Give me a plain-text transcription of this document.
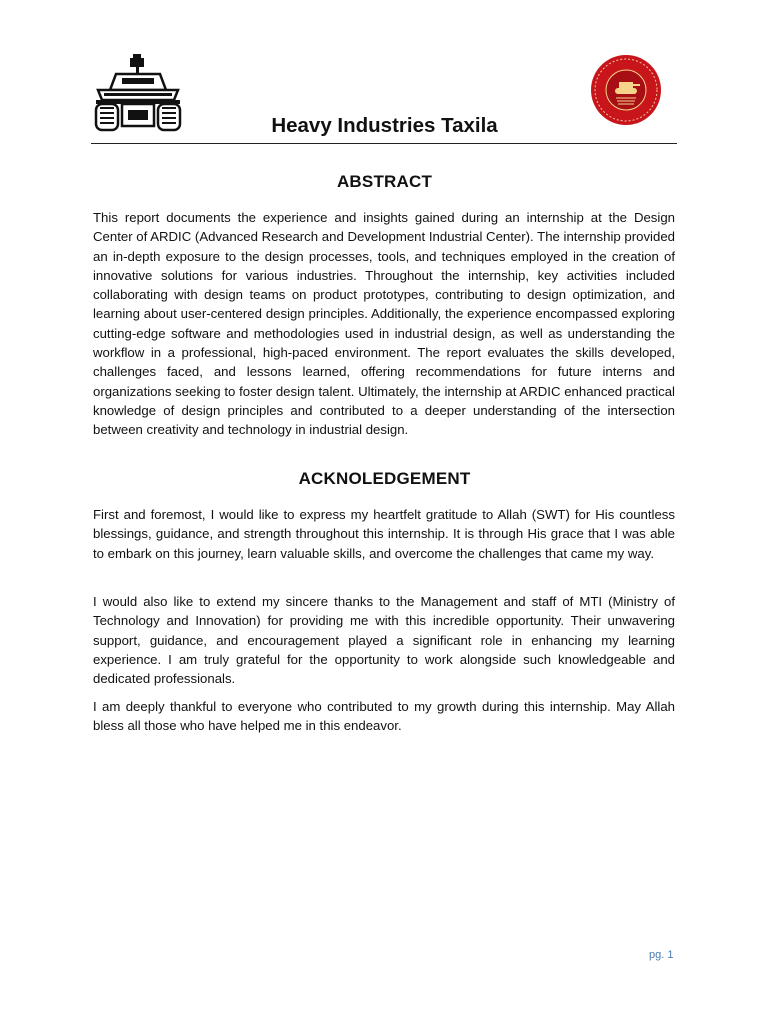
Heavy Industries Taxila
ABSTRACT

This report documents the experience and insights gained during an internship at the Design Center of ARDIC (Advanced Research and Development Industrial Center). The internship provided an in-depth exposure to the design processes, tools, and techniques employed in the creation of innovative solutions for various industries. Throughout the internship, key activities included collaborating with design teams on product prototypes, contributing to design optimization, and learning about user-centered design principles. Additionally, the experience encompassed exploring cutting-edge software and methodologies used in industrial design, as well as understanding the workflow in a professional, high-paced environment. The report evaluates the skills developed, challenges faced, and lessons learned, offering recommendations for future interns and organizations seeking to foster design talent. Ultimately, the internship at ARDIC enhanced practical knowledge of design principles and contributed to a deeper understanding of the intersection between creativity and technology in industrial design.

ACKNOLEDGEMENT

First and foremost, I would like to express my heartfelt gratitude to Allah (SWT) for His countless blessings, guidance, and strength throughout this internship. It is through His grace that I was able to embark on this journey, learn valuable skills, and overcome the challenges that came my way.

I would also like to extend my sincere thanks to the Management and staff of MTI (Ministry of Technology and Innovation) for providing me with this incredible opportunity. Their unwavering support, guidance, and encouragement played a significant role in enhancing my learning experience. I am truly grateful for the opportunity to work alongside such knowledgeable and dedicated professionals.

I am deeply thankful to everyone who contributed to my growth during this internship. May Allah bless all those who have helped me in this endeavor.

pg. 1
